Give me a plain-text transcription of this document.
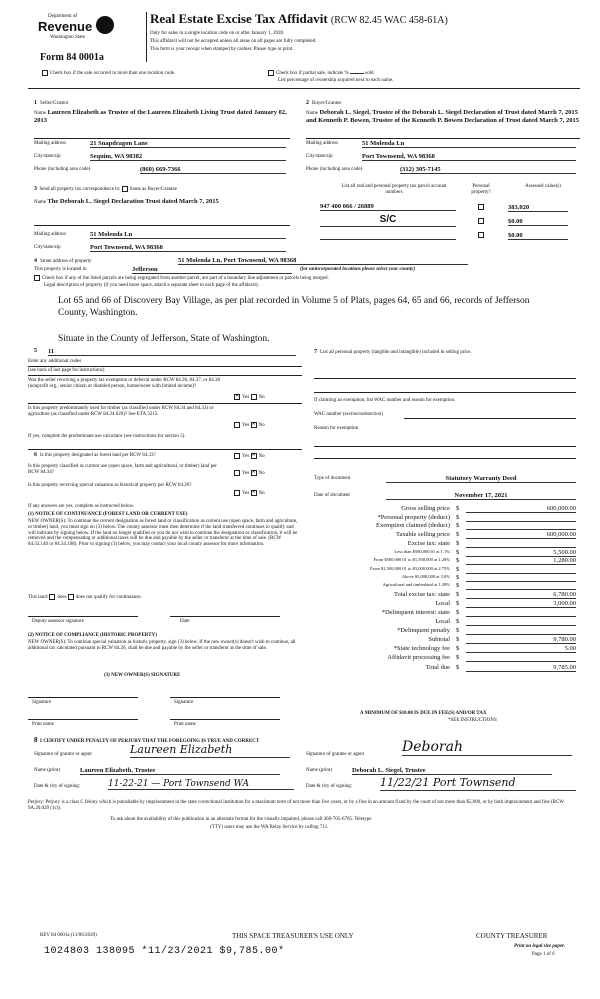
Department of
Revenue
Washington State
Form 84 0001a
Real Estate Excise Tax Affidavit (RCW 82.45 WAC 458-61A)
Only for sales in a single location code on or after January 1, 2020.
This affidavit will not be accepted unless all areas on all pages are fully completed.
This form is your receipt when stamped by cashier. Please type or print.
Check box if the sale occurred in more than one location code.	Check box if partial sale, indicate %	sold.
List percentage of ownership acquired next to each name.
1 Seller/Grantor
Name Laureen Elizabeth as Trustee of the Laureen Elizabeth Living Trust dated January 02, 2013
Mailing address	21 Snapdragon Lane
City/state/zip	Sequim, WA 98382
Phone (including area code)	(860) 669-7366
2 Buyer/Grantee
Name Deborah L. Siegel, Trustee of the Deborah L. Siegel Declaration of Trust dated March 7, 2015 and Kenneth P. Bowen, Trustee of the Kenneth P. Bowen Declaration of Trust dated March 7, 2015
Mailing address	51 Molenda Ln
City/state/zip	Port Townsend, WA 98368
Phone (including area code)	(312) 305-7145
3 Send all property tax correspondence to: Same as Buyer/Grantee
Name The Deborah L. Siegel Declaration Trust dated March 7, 2015
Mailing address	51 Molenda Ln
City/state/zip	Port Townsend, WA 98368
List all real and personal property tax parcel account numbers
Personal property?
Assessed value(s)
947 400 066 / 26889	383,020
S/C	$0.00
$0.00
4 Street address of property	51 Molenda Ln, Port Townsend, WA 98368
This property is located in	Jefferson	(for unincorporated locations please select your county)
Check box if any of the listed parcels are being segregated from another parcel, are part of a boundary line adjustment or parcels being merged.
Legal description of property (if you need more space, attach a separate sheet to each page of the affidavit).
Lot 65 and 66 of Discovery Bay Village, as per plat recorded in Volume 5 of Plats, pages 64, 65 and 66, records of Jefferson County, Washington.
Situate in the County of Jefferson, State of Washington.
5 11
Enter any additional codes
(see back of last page for instructions)
Was the seller receiving a property tax exemption or deferral under RCW 84.36, 84.37, or 84.38 (nonprofit org., senior citizen or disabled person, homeowner with limited income)?
✕ Yes No
Is this property predominantly used for timber (as classified under RCW 84.34 and 84.33) or agriculture (as classified under RCW 84.34.020)? See ETA 3215.
Yes ✕ No
If yes, complete the predominate use calculator (see instructions for section 5).
6 Is this property designated as forest land per RCW 84.33?	Yes ✕ No
Is this property classified as current use (open space, farm and agricultural, or timber) land per RCW 84.34?	Yes ✕ No
Is this property receiving special valuation as historical property per RCW 84.26?
Yes ✕ No
If any answers are yes, complete as instructed below.
(1) NOTICE OF CONTINUANCE (FOREST LAND OR CURRENT USE)
NEW OWNER(S): To continue the current designation as forest land or classification as current use (open space, farm and agriculture, or timber) land, you must sign on (3) below. The county assessor must then determine if the land transferred continues to qualify and will indicate by signing below. If the land no longer qualifies or you do not wish to continue the designation or classification, it will be removed and the compensating or additional taxes will be due and payable by the seller or transferor at the time of sale. (RCW 84.33.140 or 84.34.108). Prior to signing (3) below, you may contact your local county assessor for more information.
This land: does does not qualify for continuance.
Deputy assessor signature	Date
(2) NOTICE OF COMPLIANCE (HISTORIC PROPERTY)
NEW OWNER(S): To continue special valuation as historic property, sign (3) below. If the new owner(s) doesn't wish to continue, all additional tax calculated pursuant to RCW 84.26, shall be due and payable by the seller or transferor at the time of sale.
(3) NEW OWNER(S) SIGNATURE
Signature	Signature
Print name	Print name
7 List all personal property (tangible and intangible) included in selling price.
If claiming an exemption, list WAC number and reason for exemption.
WAC number (section/subsection)
Reason for exemption
Type of document	Statutory Warranty Deed
Date of document	November 17, 2021
Gross selling price $	600,000.00
*Personal property (deduct) $
Exemption claimed (deduct) $
Taxable selling price $	600,000.00
Excise tax: state $
Less than $500,000.01 at 1.1% $	5,500.00
From $500,000.01 to $1,500,000 at 1.28% $	1,280.00
From $1,500,000.01 to $3,000,000 at 2.75% $
Above $3,000,000 at 3.0% $
Agricultural and timberland at 1.28% $
Total excise tax: state $	6,780.00
Local $	3,000.00
*Delinquent interest: state $
Local $
*Delinquent penalty $
Subtotal $	9,780.00
*State technology fee $	5.00
Affidavit processing fee $
Total due $	9,785.00
A MINIMUM OF $10.00 IS DUE IN FEE(S) AND/OR TAX
*SEE INSTRUCTIONS
8 I CERTIFY UNDER PENALTY OF PERJURY THAT THE FOREGOING IS TRUE AND CORRECT
Signature of grantor or agent	Laureen Elizabeth	Signature of grantee or agent	Deborah
Name (print)	Laureen Elizabeth, Trustee	Name (print)	Deborah L. Siegel, Trustee
Date & city of signing:	11-22-21 — Port Townsend WA	Date & city of signing:	11/22/21 Port Townsend
Perjury: Perjury is a class C felony which is punishable by imprisonment in the state correctional institution for a maximum term of not more than five years, or by a fine in an amount fixed by the court of not more than $5,000, or by both imprisonment and fine (RCW 9A.20.020 (1c)).
To ask about the availability of this publication in an alternate format for the visually impaired, please call 360-705-6705. Teletype
(TTY) users may use the WA Relay Service by calling 711.
REV 84 0001a (11/06/2020)	THIS SPACE TREASURER'S USE ONLY	COUNTY TREASURER
1024803 138095 *11/23/2021 $9,785.00*	Print on legal size paper.
Page 1 of 6
